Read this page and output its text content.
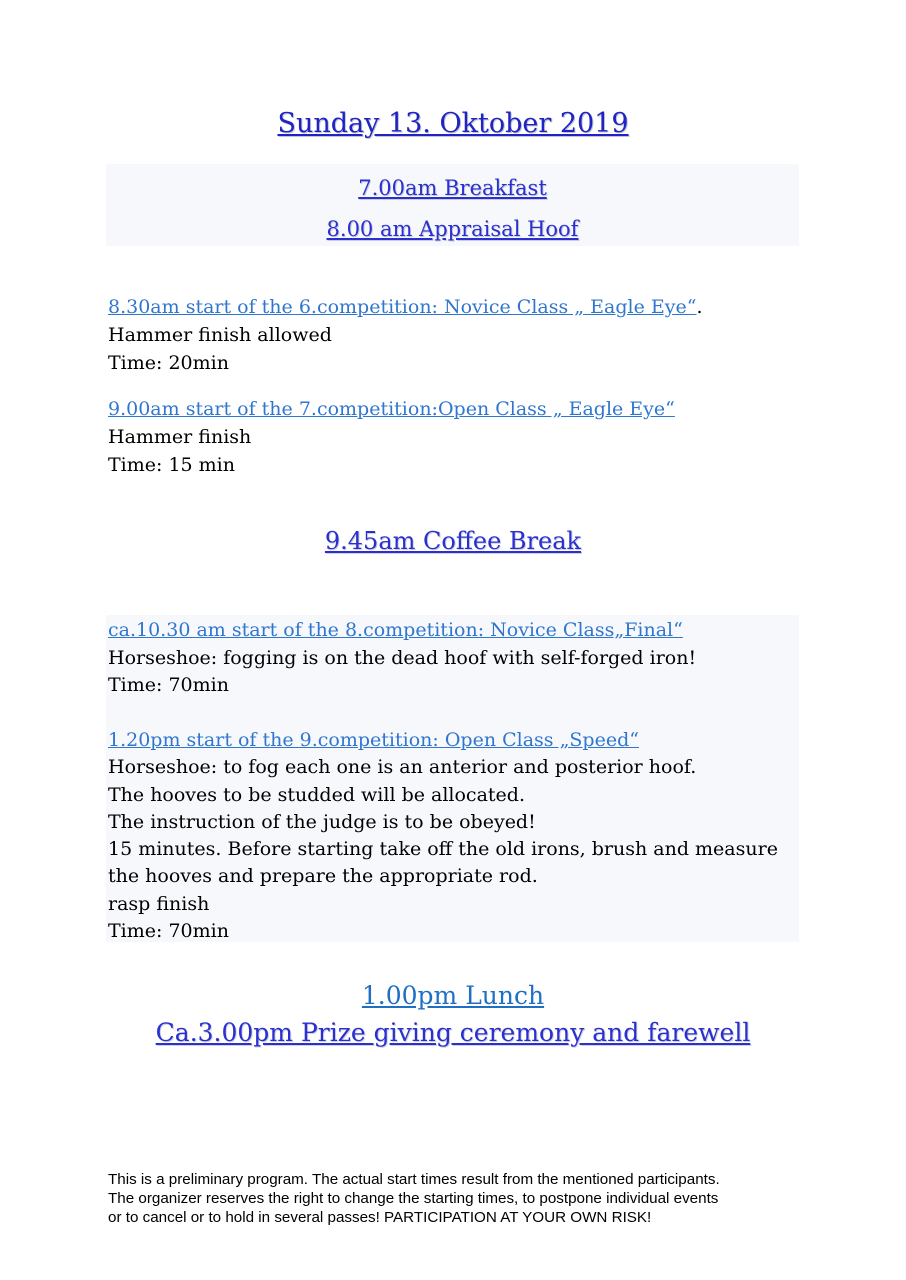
Sunday 13. Oktober 2019
7.00am Breakfast
8.00 am Appraisal Hoof
8.30am start of the 6.competition: Novice Class „ Eagle Eye“.
Hammer finish allowed
Time: 20min
9.00am start of the 7.competition:Open Class „ Eagle Eye“
Hammer finish
Time: 15 min
9.45am Coffee Break
ca.10.30 am start of the 8.competition: Novice Class„Final“
Horseshoe: fogging is on the dead hoof with self-forged iron!
Time: 70min
1.20pm start of the 9.competition: Open Class „Speed“
Horseshoe: to fog each one is an anterior and posterior hoof.
The hooves to be studded will be allocated.
The instruction of the judge is to be obeyed!
15 minutes. Before starting take off the old irons, brush and measure
the hooves and prepare the appropriate rod.
rasp finish
Time: 70min
1.00pm Lunch
Ca.3.00pm Prize giving ceremony and farewell
This is a preliminary program. The actual start times result from the mentioned participants.
The organizer reserves the right to change the starting times, to postpone individual events
or to cancel or to hold in several passes! PARTICIPATION AT YOUR OWN RISK!
